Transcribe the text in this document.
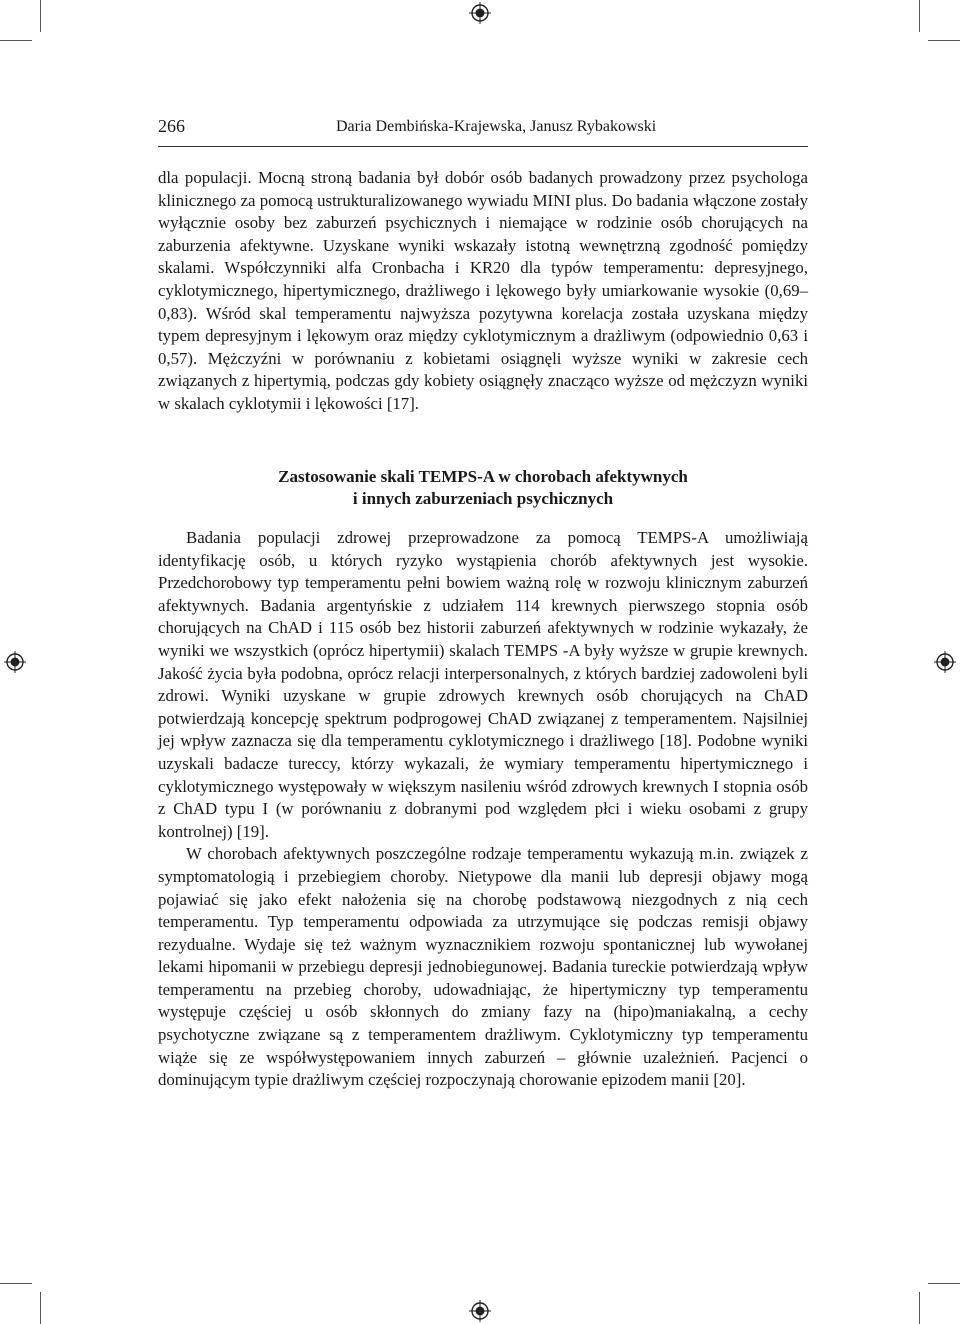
266	Daria Dembińska-Krajewska, Janusz Rybakowski

dla populacji. Mocną stroną badania był dobór osób badanych prowadzony przez psychologa klinicznego za pomocą ustrukturalizowanego wywiadu MINI plus. Do badania włączone zostały wyłącznie osoby bez zaburzeń psychicznych i niemające w rodzinie osób chorujących na zaburzenia afektywne. Uzyskane wyniki wskazały istotną wewnętrzną zgodność pomiędzy skalami. Współczynniki alfa Cronbacha i KR20 dla typów temperamentu: depresyjnego, cyklotymicznego, hipertymicznego, drażliwego i lękowego były umiarkowanie wysokie (0,69–0,83). Wśród skal temperamentu najwyższa pozytywna korelacja została uzyskana między typem depresyjnym i lękowym oraz między cyklotymicznym a drażliwym (odpowiednio 0,63 i 0,57). Mężczyźni w porównaniu z kobietami osiągnęli wyższe wyniki w zakresie cech związanych z hipertymią, podczas gdy kobiety osiągnęły znacząco wyższe od mężczyzn wyniki w skalach cyklotymii i lękowości [17].

Zastosowanie skali TEMPS-A w chorobach afektywnych
i innych zaburzeniach psychicznych

Badania populacji zdrowej przeprowadzone za pomocą TEMPS-A umożliwiają identyfikację osób, u których ryzyko wystąpienia chorób afektywnych jest wysokie. Przedchorobowy typ temperamentu pełni bowiem ważną rolę w rozwoju klinicznym zaburzeń afektywnych. Badania argentyńskie z udziałem 114 krewnych pierwszego stopnia osób chorujących na ChAD i 115 osób bez historii zaburzeń afektywnych w rodzinie wykazały, że wyniki we wszystkich (oprócz hipertymii) skalach TEMPS -A były wyższe w grupie krewnych. Jakość życia była podobna, oprócz relacji interpersonalnych, z których bardziej zadowoleni byli zdrowi. Wyniki uzyskane w grupie zdrowych krewnych osób chorujących na ChAD potwierdzają koncepcję spektrum podprogowej ChAD związanej z temperamentem. Najsilniej jej wpływ zaznacza się dla temperamentu cyklotymicznego i drażliwego [18]. Podobne wyniki uzyskali badacze tureccy, którzy wykazali, że wymiary temperamentu hipertymicznego i cyklotymicznego występowały w większym nasileniu wśród zdrowych krewnych I stopnia osób z ChAD typu I (w porównaniu z dobranymi pod względem płci i wieku osobami z grupy kontrolnej) [19].

W chorobach afektywnych poszczególne rodzaje temperamentu wykazują m.in. związek z symptomatologią i przebiegiem choroby. Nietypowe dla manii lub depresji objawy mogą pojawiać się jako efekt nałożenia się na chorobę podstawową niezgodnych z nią cech temperamentu. Typ temperamentu odpowiada za utrzymujące się podczas remisji objawy rezydualne. Wydaje się też ważnym wyznacznikiem rozwoju spontanicznej lub wywołanej lekami hipomanii w przebiegu depresji jednobiegunowej. Badania tureckie potwierdzają wpływ temperamentu na przebieg choroby, udowadniając, że hipertymiczny typ temperamentu występuje częściej u osób skłonnych do zmiany fazy na (hipo)maniakalną, a cechy psychotyczne związane są z temperamentem drażliwym. Cyklotymiczny typ temperamentu wiąże się ze współwystępowaniem innych zaburzeń – głównie uzależnień. Pacjenci o dominującym typie drażliwym częściej rozpoczynają chorowanie epizodem manii [20].
